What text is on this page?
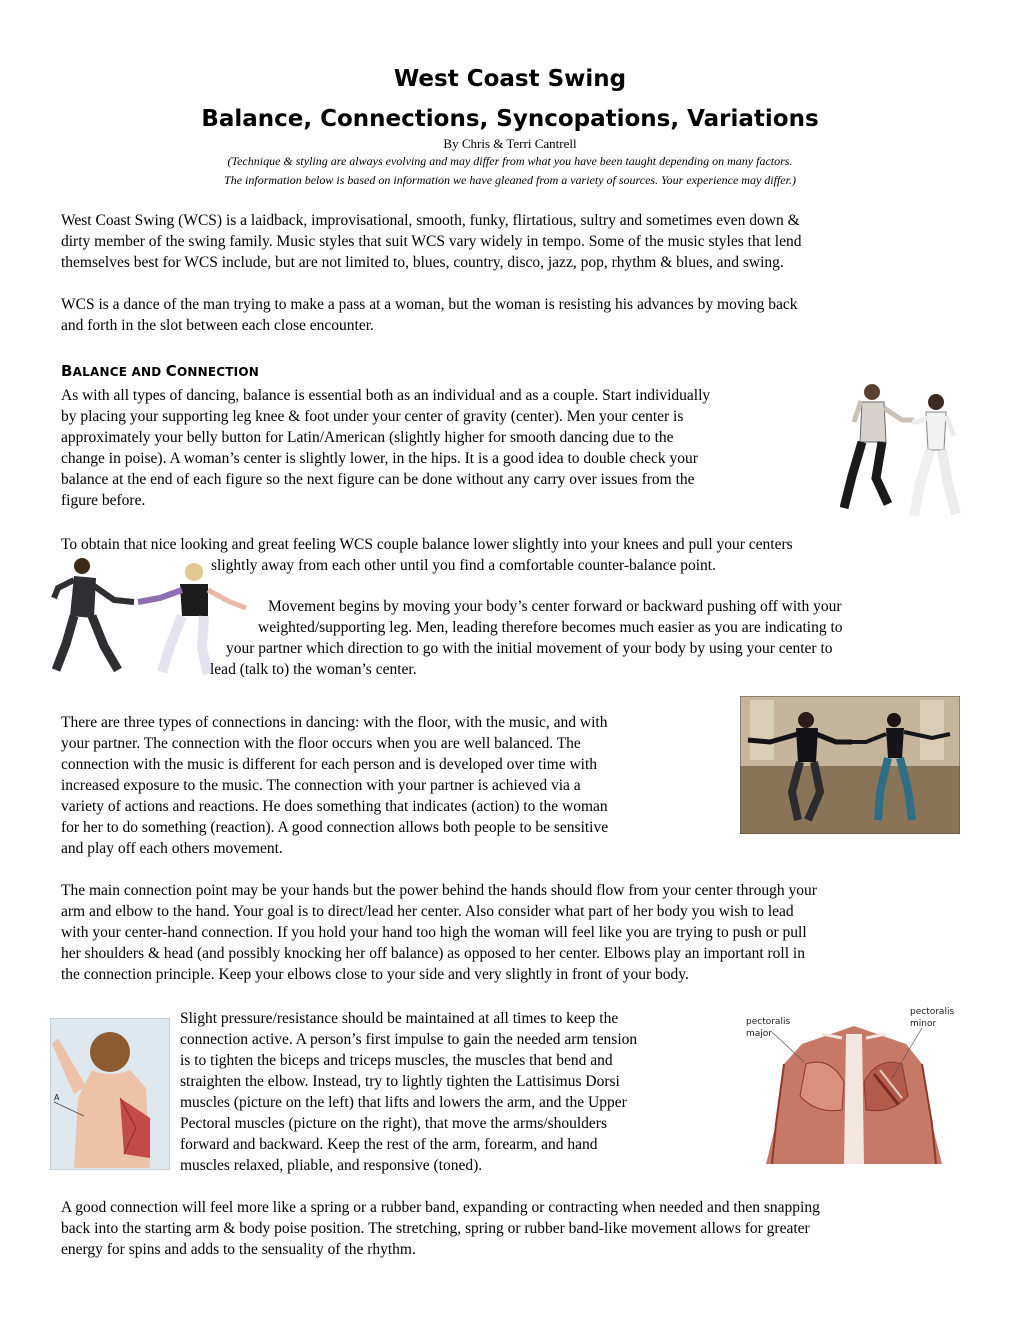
West Coast Swing
Balance, Connections, Syncopations, Variations

By Chris & Terri Cantrell

(Technique & styling are always evolving and may differ from what you have been taught depending on many factors.

The information below is based on information we have gleaned from a variety of sources. Your experience may differ.)

West Coast Swing (WCS) is a laidback, improvisational, smooth, funky, flirtatious, sultry and sometimes even down &

dirty member of the swing family. Music styles that suit WCS vary widely in tempo. Some of the music styles that lend

themselves best for WCS include, but are not limited to, blues, country, disco, jazz, pop, rhythm & blues, and swing.

WCS is a dance of the man trying to make a pass at a woman, but the woman is resisting his advances by moving back

and forth in the slot between each close encounter.

BALANCE AND CONNECTION

As with all types of dancing, balance is essential both as an individual and as a couple. Start individually

by placing your supporting leg knee & foot under your center of gravity (center). Men your center is

approximately your belly button for Latin/American (slightly higher for smooth dancing due to the

change in poise). A woman’s center is slightly lower, in the hips. It is a good idea to double check your

balance at the end of each figure so the next figure can be done without any carry over issues from the

figure before.

To obtain that nice looking and great feeling WCS couple balance lower slightly into your knees and pull your centers

slightly away from each other until you find a comfortable counter-balance point.

Movement begins by moving your body’s center forward or backward pushing off with your

weighted/supporting leg. Men, leading therefore becomes much easier as you are indicating to

your partner which direction to go with the initial movement of your body by using your center to

lead (talk to) the woman’s center.

There are three types of connections in dancing: with the floor, with the music, and with

your partner. The connection with the floor occurs when you are well balanced. The

connection with the music is different for each person and is developed over time with

increased exposure to the music. The connection with your partner is achieved via a

variety of actions and reactions. He does something that indicates (action) to the woman

for her to do something (reaction). A good connection allows both people to be sensitive

and play off each others movement.

The main connection point may be your hands but the power behind the hands should flow from your center through your

arm and elbow to the hand. Your goal is to direct/lead her center. Also consider what part of her body you wish to lead

with your center-hand connection. If you hold your hand too high the woman will feel like you are trying to push or pull

her shoulders & head (and possibly knocking her off balance) as opposed to her center. Elbows play an important roll in

the connection principle. Keep your elbows close to your side and very slightly in front of your body.

A

Slight pressure/resistance should be maintained at all times to keep the

connection active. A person’s first impulse to gain the needed arm tension

is to tighten the biceps and triceps muscles, the muscles that bend and

straighten the elbow. Instead, try to lightly tighten the Lattisimus Dorsi

muscles (picture on the left) that lifts and lowers the arm, and the Upper

Pectoral muscles (picture on the right), that move the arms/shoulders

forward and backward. Keep the rest of the arm, forearm, and hand

muscles relaxed, pliable, and responsive (toned).

pectoralis
major
pectoralis
minor

A good connection will feel more like a spring or a rubber band, expanding or contracting when needed and then snapping

back into the starting arm & body poise position. The stretching, spring or rubber band-like movement allows for greater

energy for spins and adds to the sensuality of the rhythm.
